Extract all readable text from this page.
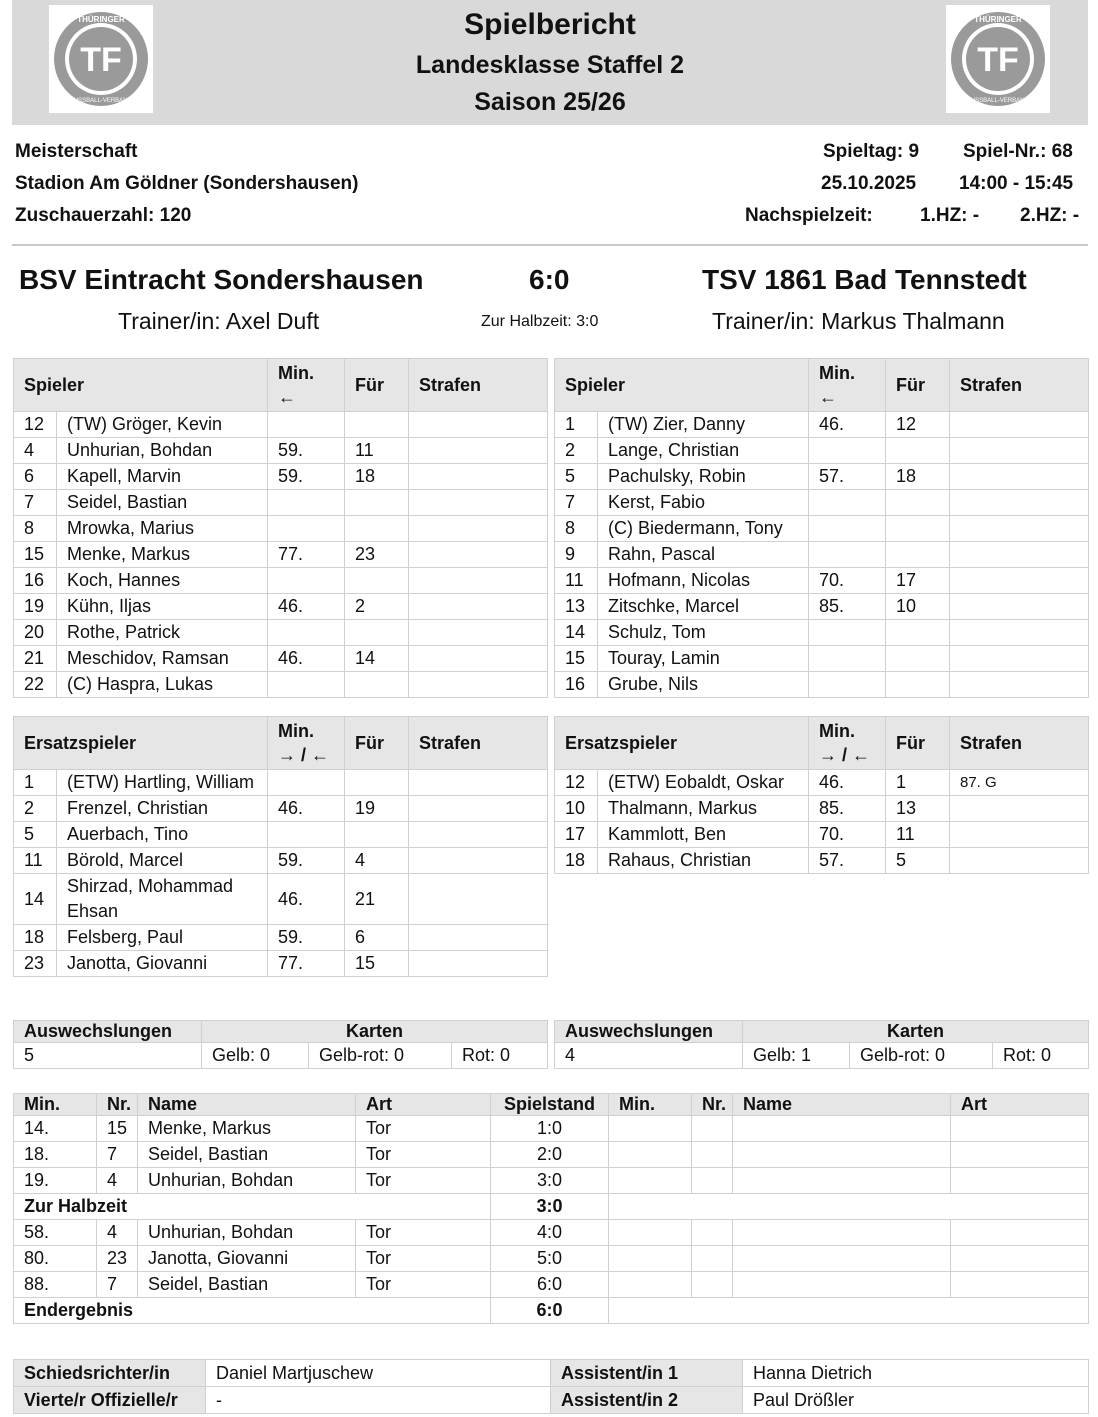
TF
THÜRINGER
FUSSBALL-VERBAND
TF
THÜRINGER
FUSSBALL-VERBAND
Spielbericht
Landesklasse Staffel 2
Saison 25/26
Meisterschaft
Stadion Am Göldner (Sondershausen)
Zuschauerzahl: 120
Spieltag: 9 Spiel-Nr.: 68
25.10.2025 14:00 - 15:45
Nachspielzeit: 1.HZ: - 2.HZ: -
BSV Eintracht Sondershausen	6:0	TSV 1861 Bad Tennstedt
Trainer/in: Axel Duft	Zur Halbzeit: 3:0	Trainer/in: Markus Thalmann
Spieler		Min.
←	Für	Strafen
12	(TW) Gröger, Kevin			
4	Unhurian, Bohdan	59.	11	
6	Kapell, Marvin	59.	18	
7	Seidel, Bastian			
8	Mrowka, Marius			
15	Menke, Markus	77.	23	
16	Koch, Hannes			
19	Kühn, Iljas	46.	2	
20	Rothe, Patrick			
21	Meschidov, Ramsan	46.	14	
22	(C) Haspra, Lukas			
Spieler		Min.
←	Für	Strafen
1	(TW) Zier, Danny	46.	12	
2	Lange, Christian			
5	Pachulsky, Robin	57.	18	
7	Kerst, Fabio			
8	(C) Biedermann, Tony			
9	Rahn, Pascal			
11	Hofmann, Nicolas	70.	17	
13	Zitschke, Marcel	85.	10	
14	Schulz, Tom			
15	Touray, Lamin			
16	Grube, Nils			
Ersatzspieler		Min.
→ / ←	Für	Strafen
1	(ETW) Hartling, William			
2	Frenzel, Christian	46.	19	
5	Auerbach, Tino			
11	Börold, Marcel	59.	4	
14	Shirzad, Mohammad Ehsan	46.	21	
18	Felsberg, Paul	59.	6	
23	Janotta, Giovanni	77.	15	
Ersatzspieler		Min.
→ / ←	Für	Strafen
12	(ETW) Eobaldt, Oskar	46.	1	87. G
10	Thalmann, Markus	85.	13	
17	Kammlott, Ben	70.	11	
18	Rahaus, Christian	57.	5	
Auswechslungen	Karten		
5	Gelb: 0	Gelb-rot: 0	Rot: 0
Auswechslungen	Karten		
4	Gelb: 1	Gelb-rot: 0	Rot: 0
Min.	Nr.	Name	Art	Spielstand	Min.	Nr.	Name	Art
14.	15	Menke, Markus	Tor	1:0				
18.	7	Seidel, Bastian	Tor	2:0				
19.	4	Unhurian, Bohdan	Tor	3:0				
Zur Halbzeit				3:0				
58.	4	Unhurian, Bohdan	Tor	4:0				
80.	23	Janotta, Giovanni	Tor	5:0				
88.	7	Seidel, Bastian	Tor	6:0				
Endergebnis				6:0				
Schiedsrichter/in	Daniel Martjuschew	Assistent/in 1	Hanna Dietrich
Vierte/r Offizielle/r	-	Assistent/in 2	Paul Drößler
